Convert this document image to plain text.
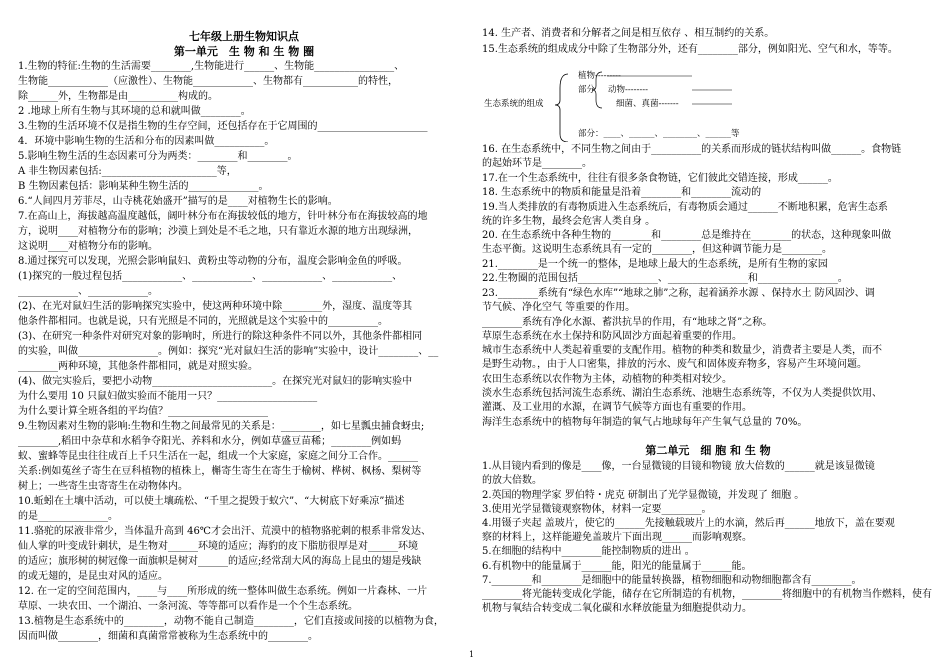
七年级上册生物知识点
第一单元　生 物 和 生 物 圈
1.生物的特征:生物的生活需要________,生物能进行______、生物能________________、
生物能____________（应激性）、生物能____________、生物都有___________的特性，
除______外，生物都是由__________构成的。
2 .地球上所有生物与其环境的总和就叫做________。
3.生物的生活环境不仅是指生物的生存空间，还包括存在于它周围的______________________
4．环境中影响生物的生活和分布的因素叫做__________。
5.影响生物生活的生态因素可分为两类：________和________。
A 非生物因素包括:_______________________等，
B 生物因素包括：影响某种生物生活的______________。
6.“人间四月芳菲尽，山寺桃花始盛开”描写的是____对植物生长的影响。
7.在高山上，海拔越高温度越低，阔叶林分布在海拔较低的地方，针叶林分布在海拔较高的地
方，说明____对植物分布的影响；沙漠上到处是不毛之地，只有靠近水源的地方出现绿洲，
这说明____对植物分布的影响。
8.通过探究可以发现，光照会影响鼠妇、黄粉虫等动物的分布，温度会影响金鱼的呼吸。
(1)探究的一般过程包括____________、____________、____________、____________、
____________、____________。
(2)、在光对鼠妇生活的影响探究实验中，使这两种环境中除________外，湿度、温度等其
他条件都相同。也就是说，只有光照是不同的，光照就是这个实验中的__________。
(3)、在研究一种条件对研究对象的影响时，所进行的除这种条件不同以外，其他条件都相同
的实验，叫做________________。例如：探究“光对鼠妇生活的影响”实验中，设计________、__
________两种环境，其他条件都相同，就是对照实验。
(4)、做完实验后，要把小动物________________________。在探究光对鼠妇的影响实验中
为什么要用 10 只鼠妇做实验而不能用一只？____________________
为什么要计算全班各组的平均值？____________________
9.生物因素对生物的影响:生物和生物之间最常见的关系是：________，如七星瓢虫捕食蚜虫;
________,稻田中杂草和水稻争夺阳光、养料和水分，例如草盛豆苗稀；________例如蚂
蚁、蜜蜂等昆虫往往成百上千只生活在一起，组成一个大家庭，家庭之间分工合作。______
关系:例如菟丝子寄生在豆科植物的植株上，槲寄生寄生在寄生于榆树、桦树、枫杨、梨树等
树上；一些寄生虫寄寄生在动物体内。
10.蚯蚓在土壤中活动，可以使土壤疏松、“千里之提毁于蚁穴”、“大树底下好乘凉”描述
的是______________。
11.骆驼的尿液非常少，当体温升高到 46℃才会出汗、荒漠中的植物骆驼刺的根系非常发达、
仙人掌的叶变成针刺状，是生物对______环境的适应；海豹的皮下脂肪很厚是对______环境
的适应；旗形树的树冠像一面旗帜是树对______的适应;经常刮大风的海岛上昆虫的翅是残缺
的或无翅的，是昆虫对风的适应。
12. 在一定的空间范围内，____与____所形成的统一整体叫做生态系统。例如一片森林、一片
草原、一块农田、一个湖泊、一条河流、等等都可以看作是一个个生态系统。
13.植物是生态系统中的________，动物不能自己制造________，它们直接或间接的以植物为食，
因而叫做________，细菌和真菌常常被称为生态系统中的________。
14. 生产者、消费者和分解者之间是相互依存 、相互制约的关系。
15.生态系统的组成成分中除了生物部分外，还有________部分，例如阳光、空气和水，等等。
16. 在生态系统中，不同生物之间由于__________的关系而形成的链状结构叫做______。食物链
的起始环节是________。
17.在一个生态系统中，往往有很多条食物链，它们彼此交错连接，形成______。
18. 生态系统中的物质和能量是沿着________和________流动的
19.当人类排放的有毒物质进入生态系统后，有毒物质会通过______不断地积累，危害生态系
统的许多生物，最终会危害人类自身 。
20. 在生态系统中各种生物的________和________总是维持在________的状态，这种现象叫做
生态平衡。这说明生态系统具有一定的________，但这种调节能力是________。
21.________是一个统一的整体，是地球上最大的生态系统，是所有生物的家园
22.生物圈的范围包括________________、________________和________________。
23.________系统有“绿色水库”“地球之肺”之称，起着涵养水源 、保持水土 防风固沙、调
节气候、净化空气 等重要的作用。
________系统有净化水源、蓄洪抗旱的作用，有“地球之肾”之称。
草原生态系统在水土保持和防风固沙方面起着重要的作用。
城市生态系统中人类起着重要的支配作用。植物的种类和数量少，消费者主要是人类，而不
是野生动物。，由于人口密集，排放的污水、废气和固体废弃物多，容易产生环境问题。
农田生态系统以农作物为主体，动植物的种类相对较少。
淡水生态系统包括河流生态系统、湖泊生态系统、池塘生态系统等，不仅为人类提供饮用、
灌溉、及工业用的水源，在调节气候等方面也有重要的作用。
海洋生态系统中的植物每年制造的氧气占地球每年产生氧气总量的 70%。
第二单元　细 胞 和 生 物
1.从目镜内看到的像是____像，一台显微镜的目镜和物镜 放大倍数的______就是该显微镜
的放大倍数。
2.英国的物理学家 罗伯特・虎克 研制出了光学显微镜，并发现了 细胞 。
3.使用光学显微镜观察物体，材料一定要________。
4.用镊子夹起 盖玻片，使它的______先接触载玻片上的水滴，然后再______地放下，盖在要观
察的材料上，这样能避免盖玻片下面出现______而影响观察。
5.在细胞的结构中________能控制物质的进出 。
6.有机物中的能量属于______能，阳光的能量属于______能。
7.________和________是细胞中的能量转换器，植物细胞和动物细胞都含有________。
________将光能转变成化学能，储存在它所制造的有机物，________将细胞中的有机物当作燃料，使有
机物与氧结合转变成二氧化碳和水释放能量为细胞提供动力。
植物---------
部分 动物--------
细菌、真菌-------
生态系统的组成
部分：____、______、________、______等
1
